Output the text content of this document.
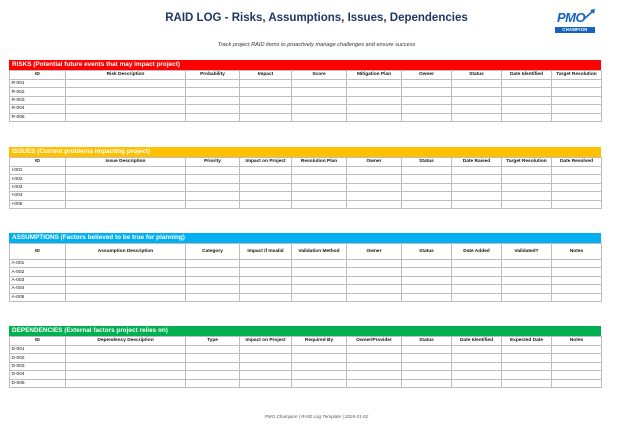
RAID LOG - Risks, Assumptions, Issues, Dependencies	PMO
CHAMPION
Track project RAID items to proactively manage challenges and ensure success
RISKS (Potential future events that may impact project)
ID	Risk Description	Probability	Impact	Score	Mitigation Plan	Owner	Status	Date Identified	Target Resolution
R-001									
R-002									
R-003									
R-004									
R-005									
ISSUES (Current problems impacting project)
ID	Issue Description	Priority	Impact on Project	Resolution Plan	Owner	Status	Date Raised	Target Resolution	Date Resolved
I-001									
I-002									
I-003									
I-004									
I-005									
ASSUMPTIONS (Factors believed to be true for planning)
ID	Assumption Description	Category	Impact if Invalid	Validation Method	Owner	Status	Date Added	Validated?	Notes
A-001									
A-002									
A-003									
A-004									
A-005									
DEPENDENCIES (External factors project relies on)
ID	Dependency Description	Type	Impact on Project	Required By	Owner/Provider	Status	Date Identified	Expected Date	Notes
D-001									
D-002									
D-003									
D-004									
D-005									
PMO Champion | RAID Log Template | 2026-01-02
